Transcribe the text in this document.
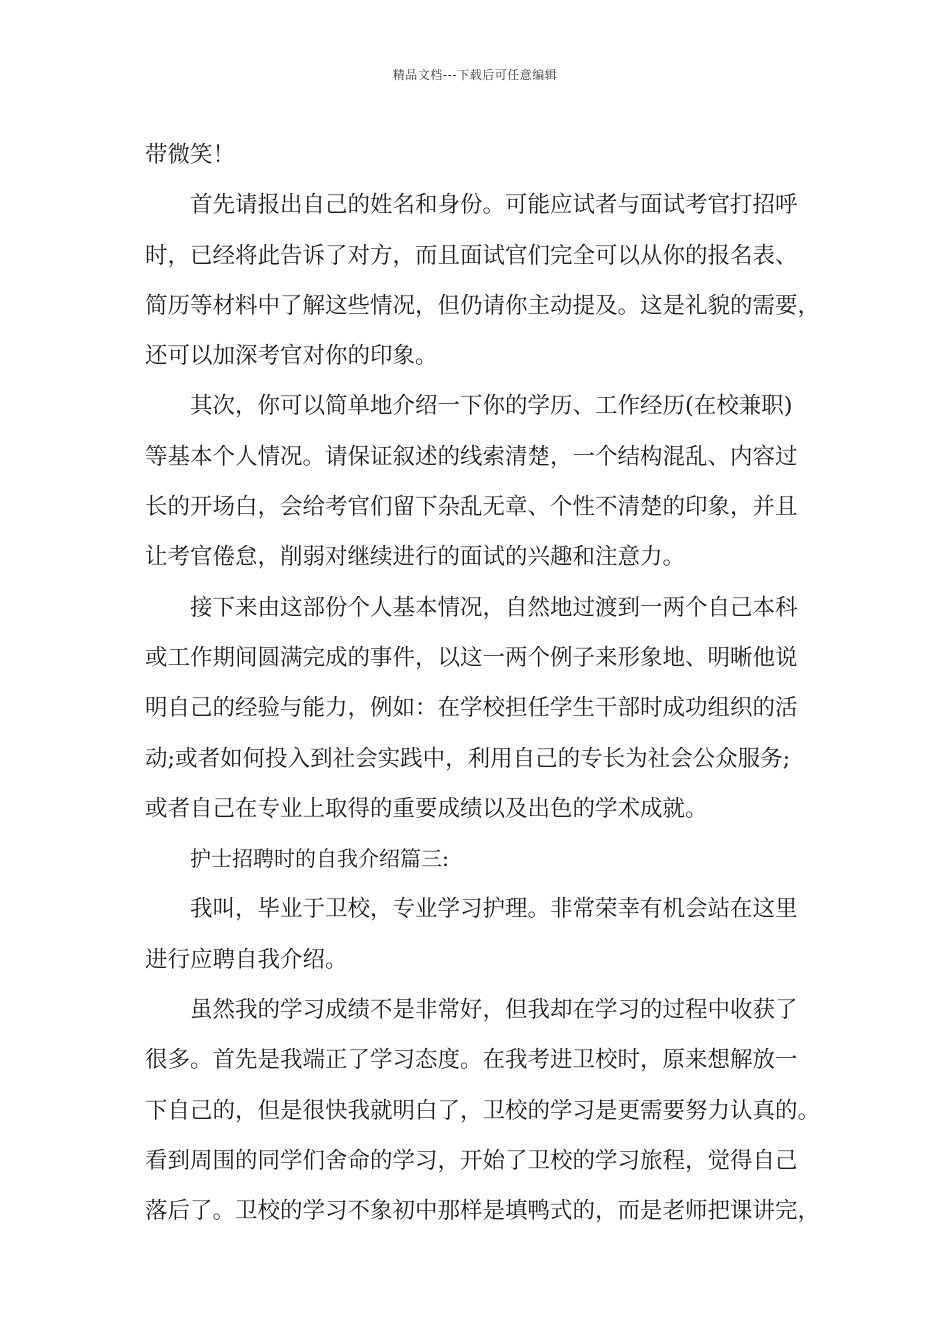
精品文档---下载后可任意编辑
带微笑！
首先请报出自己的姓名和身份。可能应试者与面试考官打招呼
时，已经将此告诉了对方，而且面试官们完全可以从你的报名表、
简历等材料中了解这些情况，但仍请你主动提及。这是礼貌的需要，
还可以加深考官对你的印象。
其次，你可以简单地介绍一下你的学历、工作经历(在校兼职)
等基本个人情况。请保证叙述的线索清楚，一个结构混乱、内容过
长的开场白，会给考官们留下杂乱无章、个性不清楚的印象，并且
让考官倦怠，削弱对继续进行的面试的兴趣和注意力。
接下来由这部份个人基本情况，自然地过渡到一两个自己本科
或工作期间圆满完成的事件，以这一两个例子来形象地、明晰他说
明自己的经验与能力，例如：在学校担任学生干部时成功组织的活
动;或者如何投入到社会实践中，利用自己的专长为社会公众服务;
或者自己在专业上取得的重要成绩以及出色的学术成就。
护士招聘时的自我介绍篇三:
我叫，毕业于卫校，专业学习护理。非常荣幸有机会站在这里
进行应聘自我介绍。
虽然我的学习成绩不是非常好，但我却在学习的过程中收获了
很多。首先是我端正了学习态度。在我考进卫校时，原来想解放一
下自己的，但是很快我就明白了，卫校的学习是更需要努力认真的。
看到周围的同学们舍命的学习，开始了卫校的学习旅程，觉得自己
落后了。卫校的学习不象初中那样是填鸭式的，而是老师把课讲完，
